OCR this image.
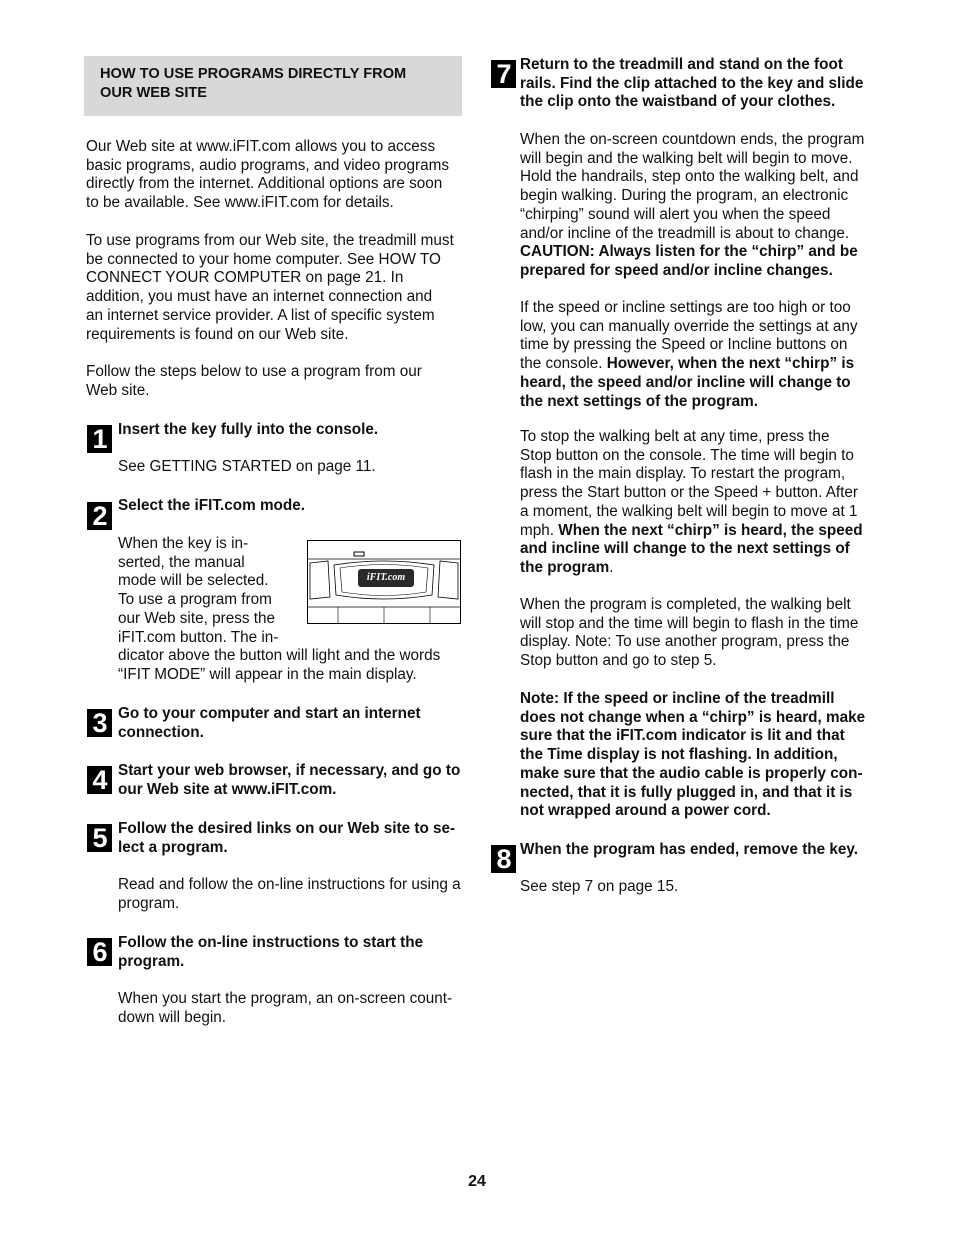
HOW TO USE PROGRAMS DIRECTLY FROM
OUR WEB SITE
Our Web site at www.iFIT.com allows you to access
basic programs, audio programs, and video programs
directly from the internet. Additional options are soon
to be available. See www.iFIT.com for details.
To use programs from our Web site, the treadmill must
be connected to your home computer. See HOW TO
CONNECT YOUR COMPUTER on page 21. In
addition, you must have an internet connection and
an internet service provider. A list of specific system
requirements is found on our Web site.
Follow the steps below to use a program from our
Web site.
1 Insert the key fully into the console.
See GETTING STARTED on page 11.
2 Select the iFIT.com mode.
When the key is in-
serted, the manual
mode will be selected.
To use a program from
our Web site, press the
iFIT.com button. The in-
dicator above the button will light and the words
“IFIT MODE” will appear in the main display.
iFIT.com
3 Go to your computer and start an internet
connection.
4 Start your web browser, if necessary, and go to
our Web site at www.iFIT.com.
5 Follow the desired links on our Web site to se-
lect a program.
Read and follow the on-line instructions for using a
program.
6 Follow the on-line instructions to start the
program.
When you start the program, an on-screen count-
down will begin.
7 Return to the treadmill and stand on the foot
rails. Find the clip attached to the key and slide
the clip onto the waistband of your clothes.
When the on-screen countdown ends, the program
will begin and the walking belt will begin to move.
Hold the handrails, step onto the walking belt, and
begin walking. During the program, an electronic
“chirping” sound will alert you when the speed
and/or incline of the treadmill is about to change.
CAUTION: Always listen for the “chirp” and be
prepared for speed and/or incline changes.
If the speed or incline settings are too high or too
low, you can manually override the settings at any
time by pressing the Speed or Incline buttons on
the console. However, when the next “chirp” is
heard, the speed and/or incline will change to
the next settings of the program.
To stop the walking belt at any time, press the
Stop button on the console. The time will begin to
flash in the main display. To restart the program,
press the Start button or the Speed + button. After
a moment, the walking belt will begin to move at 1
mph. When the next “chirp” is heard, the speed
and incline will change to the next settings of
the program.
When the program is completed, the walking belt
will stop and the time will begin to flash in the time
display. Note: To use another program, press the
Stop button and go to step 5.
Note: If the speed or incline of the treadmill
does not change when a “chirp” is heard, make
sure that the iFIT.com indicator is lit and that
the Time display is not flashing. In addition,
make sure that the audio cable is properly con-
nected, that it is fully plugged in, and that it is
not wrapped around a power cord.
8 When the program has ended, remove the key.
See step 7 on page 15.
24
